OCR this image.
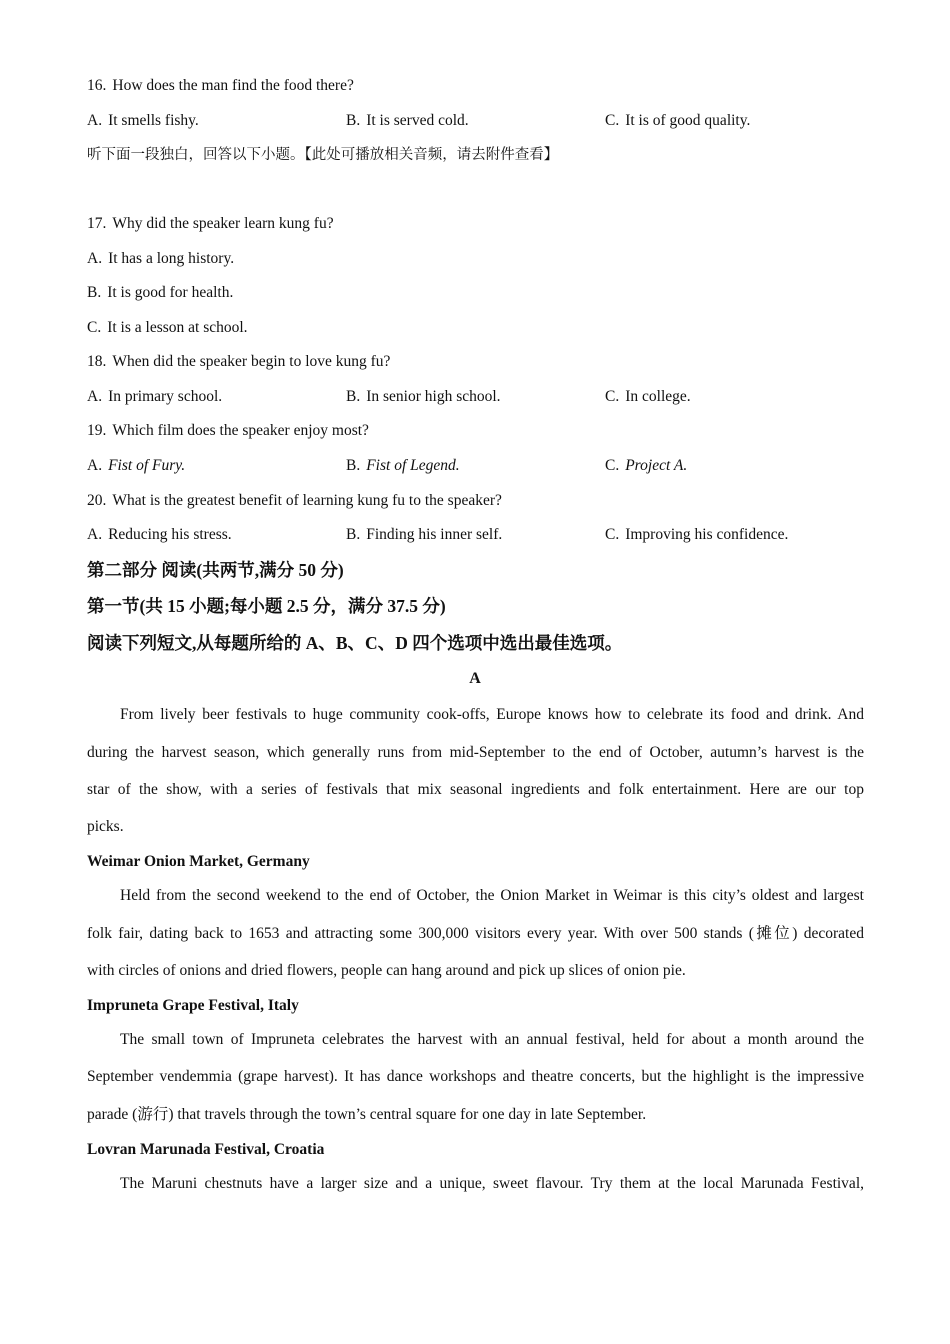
16. How does the man find the food there?
A. It smells fishy.	B. It is served cold.	C. It is of good quality.
听下面一段独白，回答以下小题。【此处可播放相关音频，请去附件查看】
17. Why did the speaker learn kung fu?
A. It has a long history.
B. It is good for health.
C. It is a lesson at school.
18. When did the speaker begin to love kung fu?
A. In primary school.	B. In senior high school.	C. In college.
19. Which film does the speaker enjoy most?
A. Fist of Fury.	B. Fist of Legend.	C. Project A.
20. What is the greatest benefit of learning kung fu to the speaker?
A. Reducing his stress.	B. Finding his inner self.	C. Improving his confidence.
第二部分 阅读(共两节,满分 50 分)
第一节(共 15 小题;每小题 2.5 分，满分 37.5 分)
阅读下列短文,从每题所给的 A、B、C、D 四个选项中选出最佳选项。
A
From lively beer festivals to huge community cook-offs, Europe knows how to celebrate its food and drink. And
during the harvest season, which generally runs from mid-September to the end of October, autumn’s harvest is the
star of the show, with a series of festivals that mix seasonal ingredients and folk entertainment. Here are our top
picks.
Weimar Onion Market, Germany
Held from the second weekend to the end of October, the Onion Market in Weimar is this city’s oldest and largest
folk fair, dating back to 1653 and attracting some 300,000 visitors every year. With over 500 stands (摊位) decorated
with circles of onions and dried flowers, people can hang around and pick up slices of onion pie.
Impruneta Grape Festival, Italy
The small town of Impruneta celebrates the harvest with an annual festival, held for about a month around the
September vendemmia (grape harvest). It has dance workshops and theatre concerts, but the highlight is the impressive
parade (游行) that travels through the town’s central square for one day in late September.
Lovran Marunada Festival, Croatia
The Maruni chestnuts have a larger size and a unique, sweet flavour. Try them at the local Marunada Festival,
